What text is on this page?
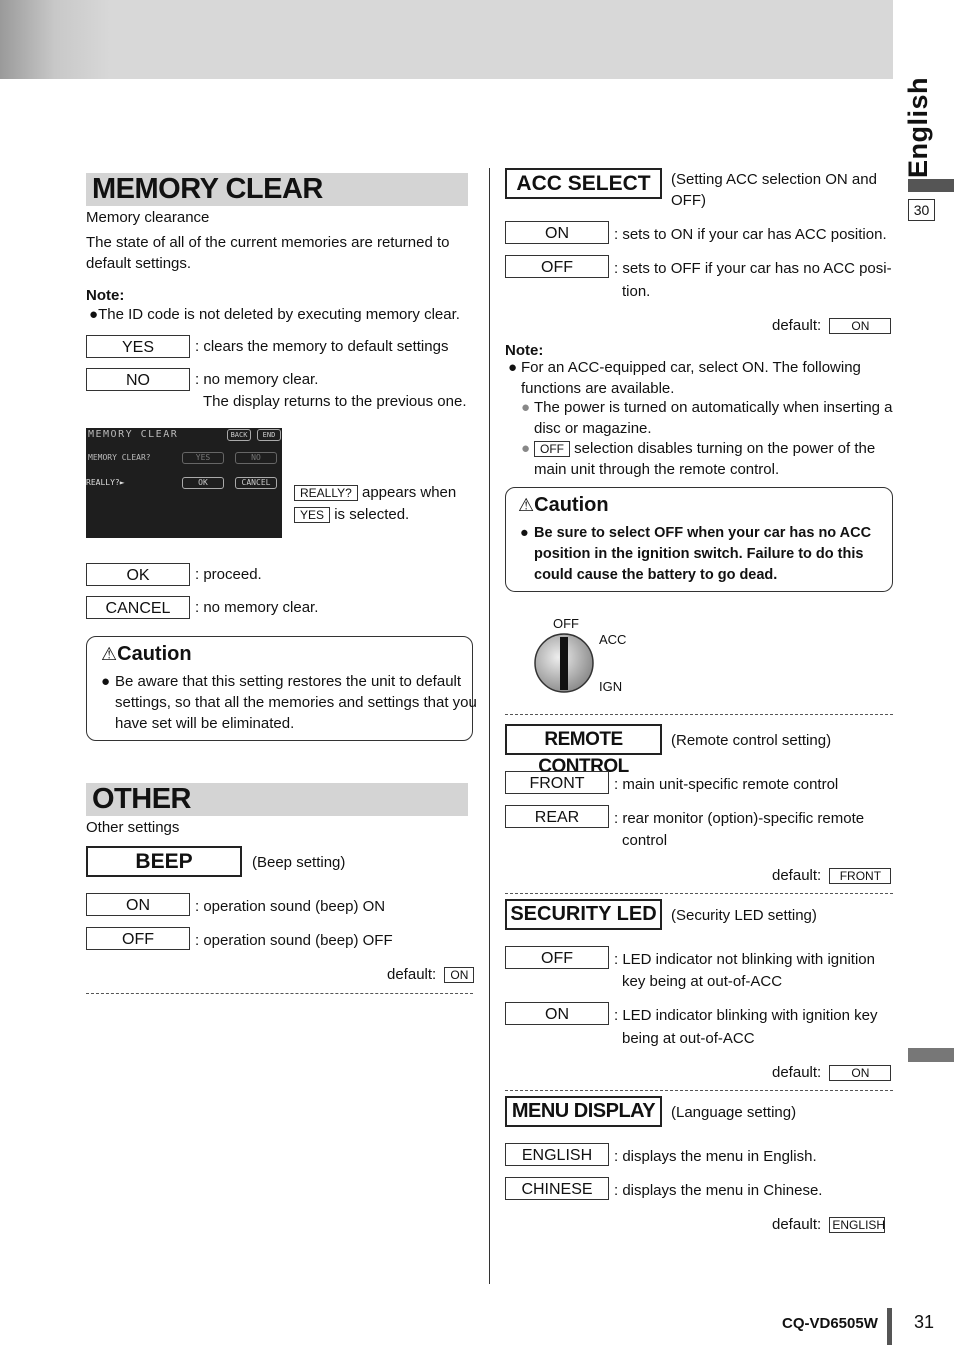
English
30
MEMORY CLEAR
Memory clearance
The state of all of the current memories are returned to default settings.
Note:
●The ID code is not deleted by executing memory clear.
YES	: clears the memory to default settings
NO	: no memory clear.
The display returns to the previous one.
MEMORY CLEAR	BACK	END
MEMORY CLEAR?	YES	NO
REALLY?►	OK	CANCEL
REALLY? appears when
YES is selected.
OK	: proceed.
CANCEL	: no memory clear.
⚠Caution
● Be aware that this setting restores the unit to default settings, so that all the memories and settings that you have set will be eliminated.
OTHER
Other settings
BEEP	(Beep setting)
ON	: operation sound (beep) ON
OFF	: operation sound (beep) OFF
default: ON
ACC SELECT	(Setting ACC selection ON and OFF)
ON	: sets to ON if your car has ACC position.
OFF	: sets to OFF if your car has no ACC posi-
tion.
default:	ON
Note:
● For an ACC-equipped car, select ON. The following functions are available.
● The power is turned on automatically when inserting a disc or magazine.
● OFF selection disables turning on the power of the main unit through the remote control.
⚠Caution
● Be sure to select OFF when your car has no ACC position in the ignition switch. Failure to do this could cause the battery to go dead.
OFF
ACC
IGN
REMOTE CONTROL
(Remote control setting)
FRONT	: main unit-specific remote control
REAR	: rear monitor (option)-specific remote
control
default: FRONT
SECURITY LED (Security LED setting)
OFF	: LED indicator not blinking with ignition
key being at out-of-ACC
ON	: LED indicator blinking with ignition key
being at out-of-ACC
default:	ON
MENU DISPLAY	(Language setting)
ENGLISH	: displays the menu in English.
CHINESE	: displays the menu in Chinese.
default: ENGLISH
CQ-VD6505W 31
